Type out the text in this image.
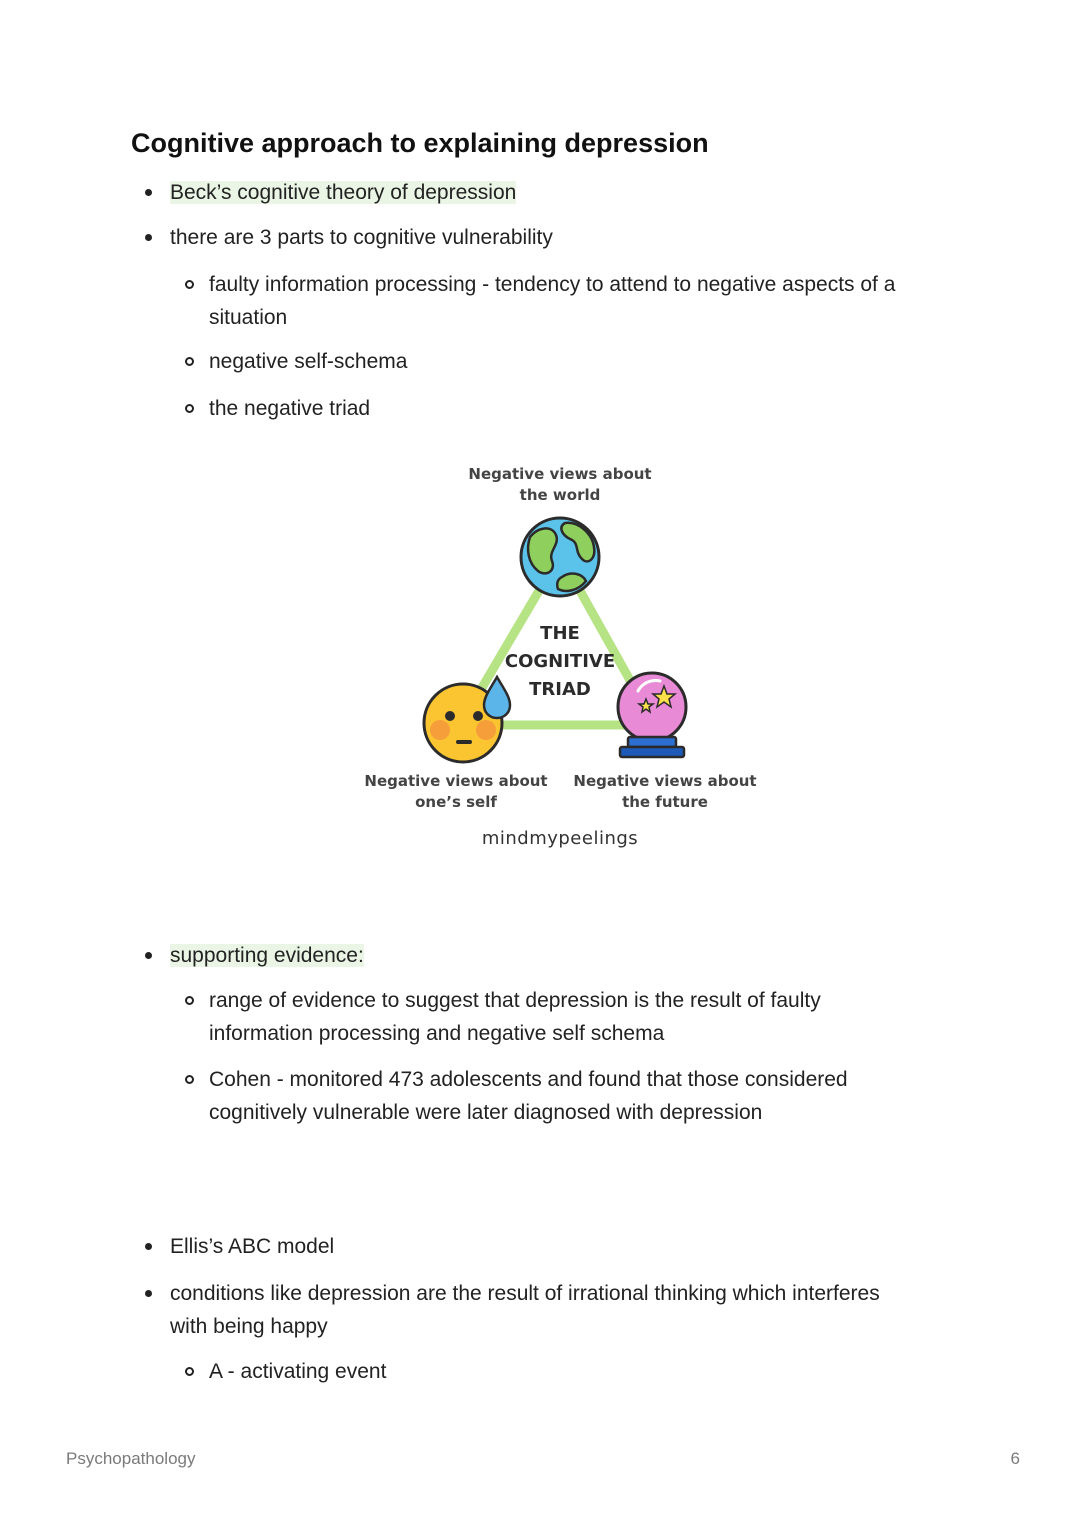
Cognitive approach to explaining depression
Beck’s cognitive theory of depression
there are 3 parts to cognitive vulnerability
faulty information processing - tendency to attend to negative aspects of a
situation
negative self-schema
the negative triad
Negative views about
the world
THE
COGNITIVE
TRIAD
Negative views about
one’s self
Negative views about
the future
mindmypeelings
supporting evidence:
range of evidence to suggest that depression is the result of faulty
information processing and negative self schema
Cohen - monitored 473 adolescents and found that those considered
cognitively vulnerable were later diagnosed with depression
Ellis’s ABC model
conditions like depression are the result of irrational thinking which interferes
with being happy
A - activating event
Psychopathology	6
